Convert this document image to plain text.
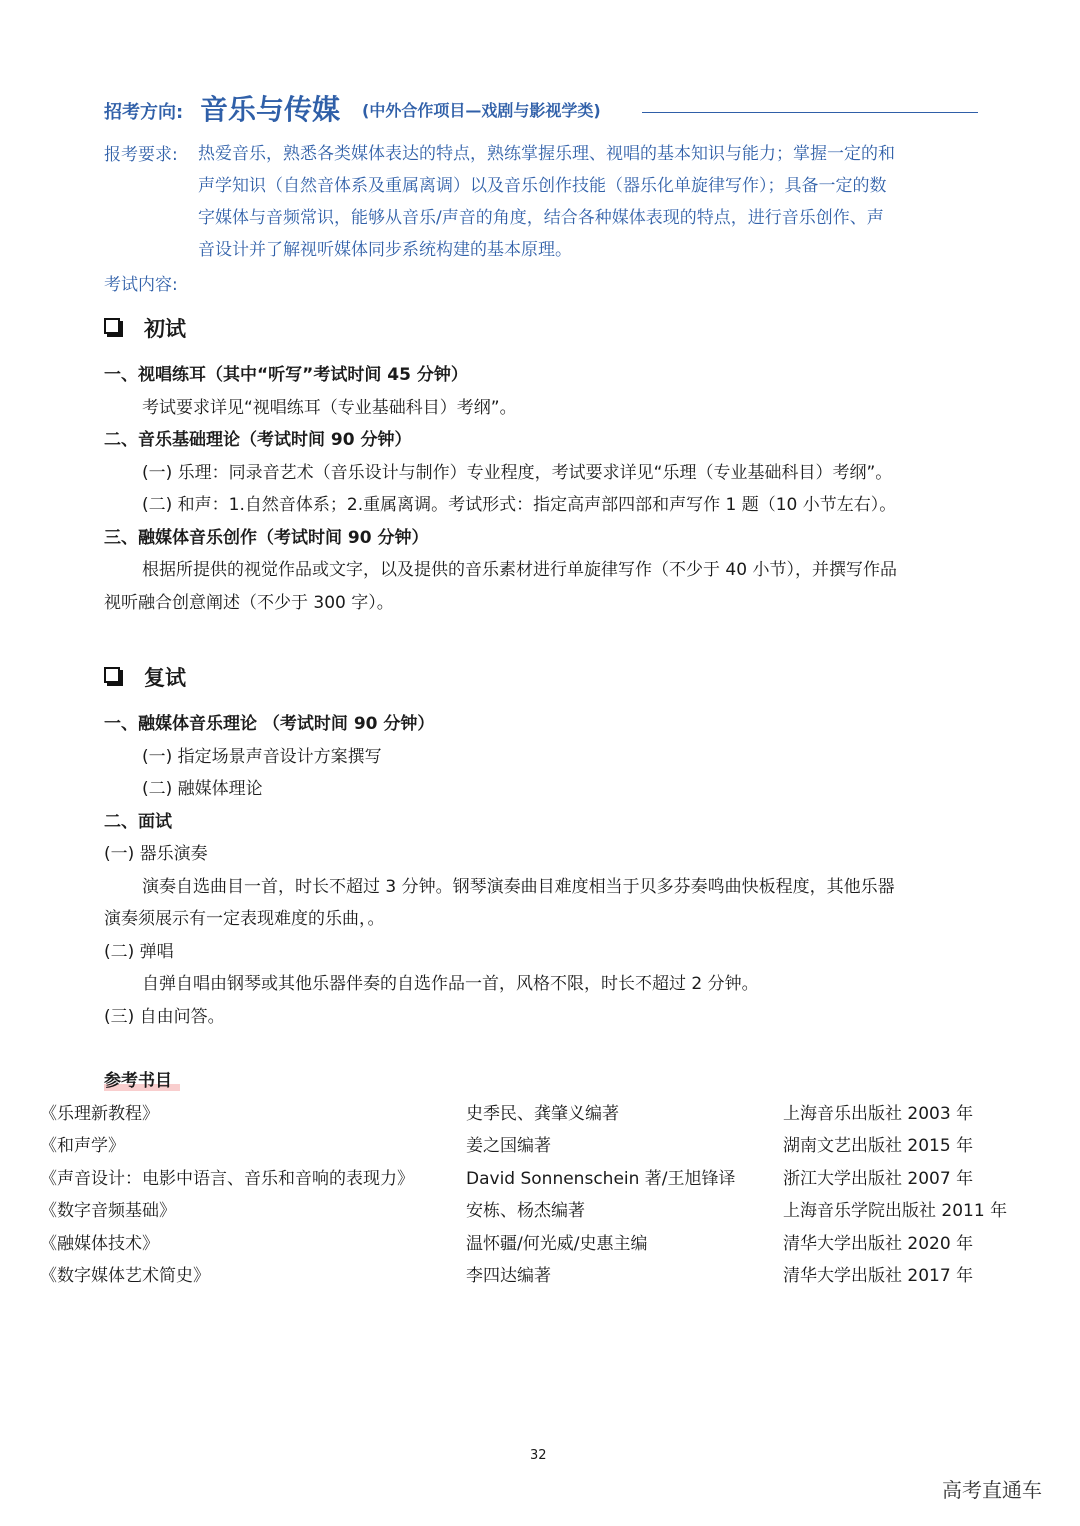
招考方向: 音乐与传媒 (中外合作项目—戏剧与影视学类)
报考要求: 热爱音乐，熟悉各类媒体表达的特点，熟练掌握乐理、视唱的基本知识与能力；掌握一定的和
声学知识（自然音体系及重属离调）以及音乐创作技能（器乐化单旋律写作）；具备一定的数
字媒体与音频常识，能够从音乐/声音的角度，结合各种媒体表现的特点，进行音乐创作、声
音设计并了解视听媒体同步系统构建的基本原理。
考试内容:
初试
一、视唱练耳（其中“听写”考试时间 45 分钟）
考试要求详见“视唱练耳（专业基础科目）考纲”。
二、音乐基础理论（考试时间 90 分钟）
(一) 乐理：同录音艺术（音乐设计与制作）专业程度，考试要求详见“乐理（专业基础科目）考纲”。
(二) 和声：1.自然音体系；2.重属离调。考试形式：指定高声部四部和声写作 1 题（10 小节左右）。
三、融媒体音乐创作（考试时间 90 分钟）
根据所提供的视觉作品或文字，以及提供的音乐素材进行单旋律写作（不少于 40 小节），并撰写作品
视听融合创意阐述（不少于 300 字）。
复试
一、融媒体音乐理论 （考试时间 90 分钟）
(一) 指定场景声音设计方案撰写
(二) 融媒体理论
二、面试
(一) 器乐演奏
演奏自选曲目一首，时长不超过 3 分钟。钢琴演奏曲目难度相当于贝多芬奏鸣曲快板程度，其他乐器
演奏须展示有一定表现难度的乐曲，。
(二) 弹唱
自弹自唱由钢琴或其他乐器伴奏的自选作品一首，风格不限，时长不超过 2 分钟。
(三) 自由问答。
参考书目
《乐理新教程》	史季民、龚肇义编著	上海音乐出版社 2003 年
《和声学》	姜之国编著	湖南文艺出版社 2015 年
《声音设计：电影中语言、音乐和音响的表现力》	David Sonnenschein 著/王旭锋译	浙江大学出版社 2007 年
《数字音频基础》	安栋、杨杰编著	上海音乐学院出版社 2011 年
《融媒体技术》	温怀疆/何光威/史惠主编	清华大学出版社 2020 年
《数字媒体艺术简史》	李四达编著	清华大学出版社 2017 年
32
高考直通车
